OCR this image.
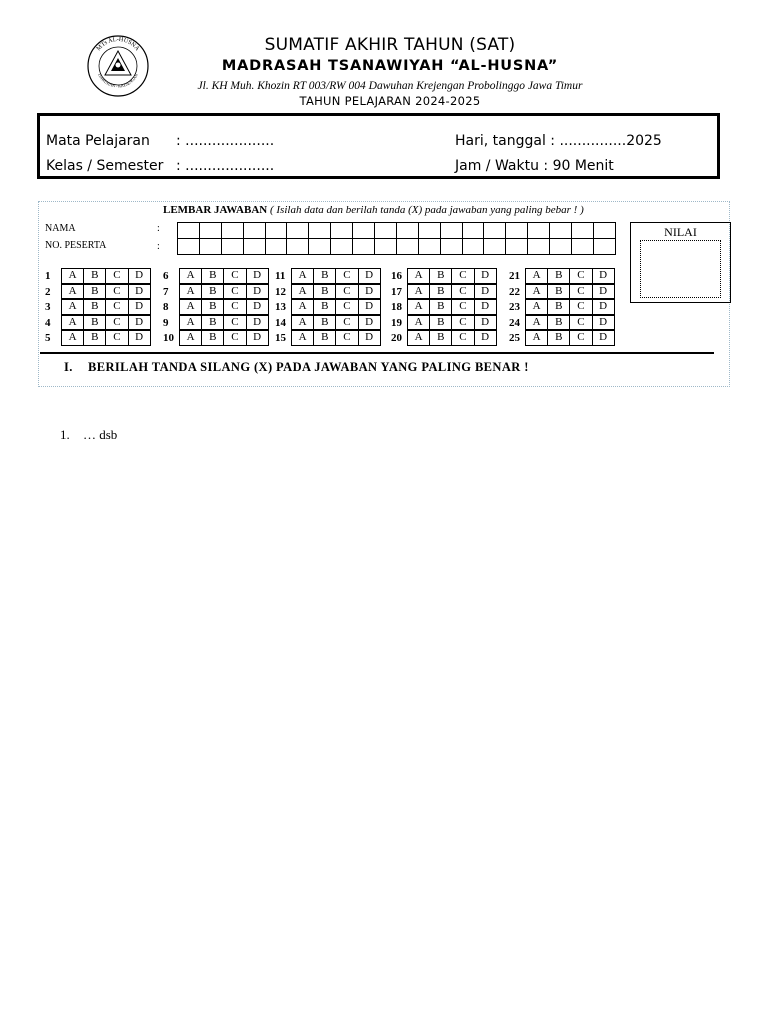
MTs AL-HUSNA
DAWUHAN - KREJENGAN
SUMATIF AKHIR TAHUN (SAT)
MADRASAH TSANAWIYAH “AL-HUSNA”
Jl. KH Muh. Khozin RT 003/RW 004 Dawuhan Krejengan Probolinggo Jawa Timur
TAHUN PELAJARAN 2024-2025
Mata Pelajaran : ....................
Kelas / Semester : ....................
Hari, tanggal : ...............2025
Jam / Waktu : 90 Menit
LEMBAR JAWABAN ( Isilah data dan berilah tanda (X) pada jawaban yang paling bebar ! )
NAMA	:
NO. PESERTA	:
NILAI
1	A	B	C	D
2	A	B	C	D
3	A	B	C	D
4	A	B	C	D
5	A	B	C	D
6	A	B	C	D
7	A	B	C	D
8	A	B	C	D
9	A	B	C	D
10	A	B	C	D
11	A	B	C	D
12	A	B	C	D
13	A	B	C	D
14	A	B	C	D
15	A	B	C	D
16	A	B	C	D
17	A	B	C	D
18	A	B	C	D
19	A	B	C	D
20	A	B	C	D
21	A	B	C	D
22	A	B	C	D
23	A	B	C	D
24	A	B	C	D
25	A	B	C	D
I. BERILAH TANDA SILANG (X) PADA JAWABAN YANG PALING BENAR !
1. … dsb
